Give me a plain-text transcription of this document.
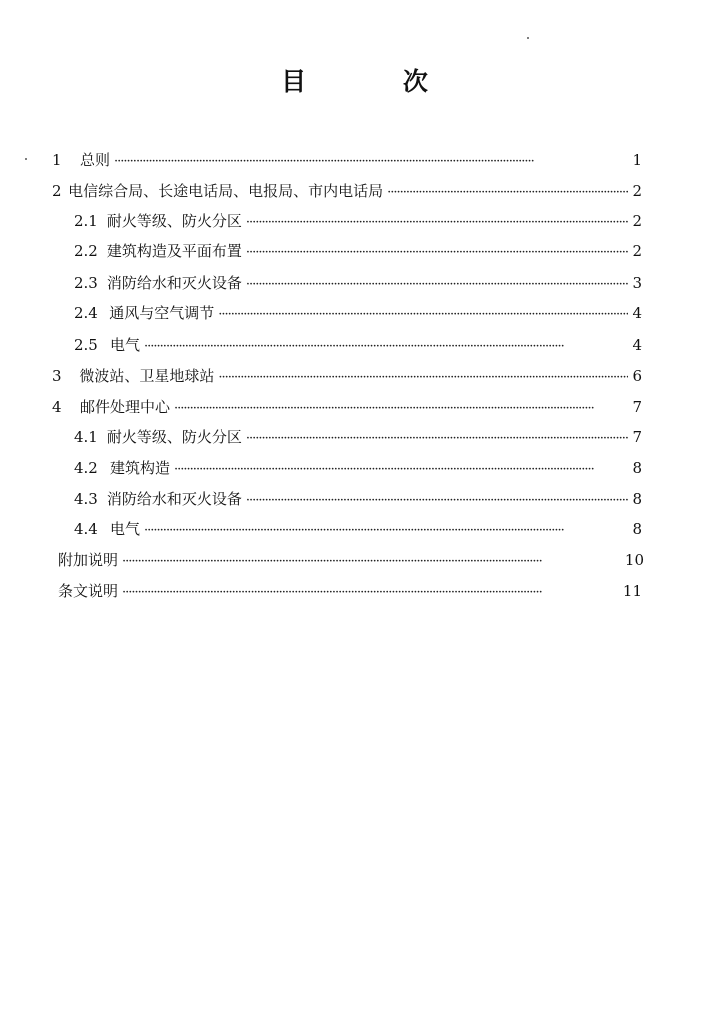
目 次
1	总则 ·····	1
2 电信综合局、长途电话局、电报局、市内电话局 ·····	2
2.1 耐火等级、防火分区 ·····	2
2.2 建筑构造及平面布置 ·····	2
2.3 消防给水和灭火设备 ·····	3
2.4 通风与空气调节 ·····	4
2.5 电气 ·····	4
3	微波站、卫星地球站 ·····	6
4	邮件处理中心 ·····	7
4.1 耐火等级、防火分区 ·····	7
4.2 建筑构造 ·····	8
4.3 消防给水和灭火设备 ·····	8
4.4 电气 ·····	8
附加说明 ·····	10
条文说明 ·····	11
